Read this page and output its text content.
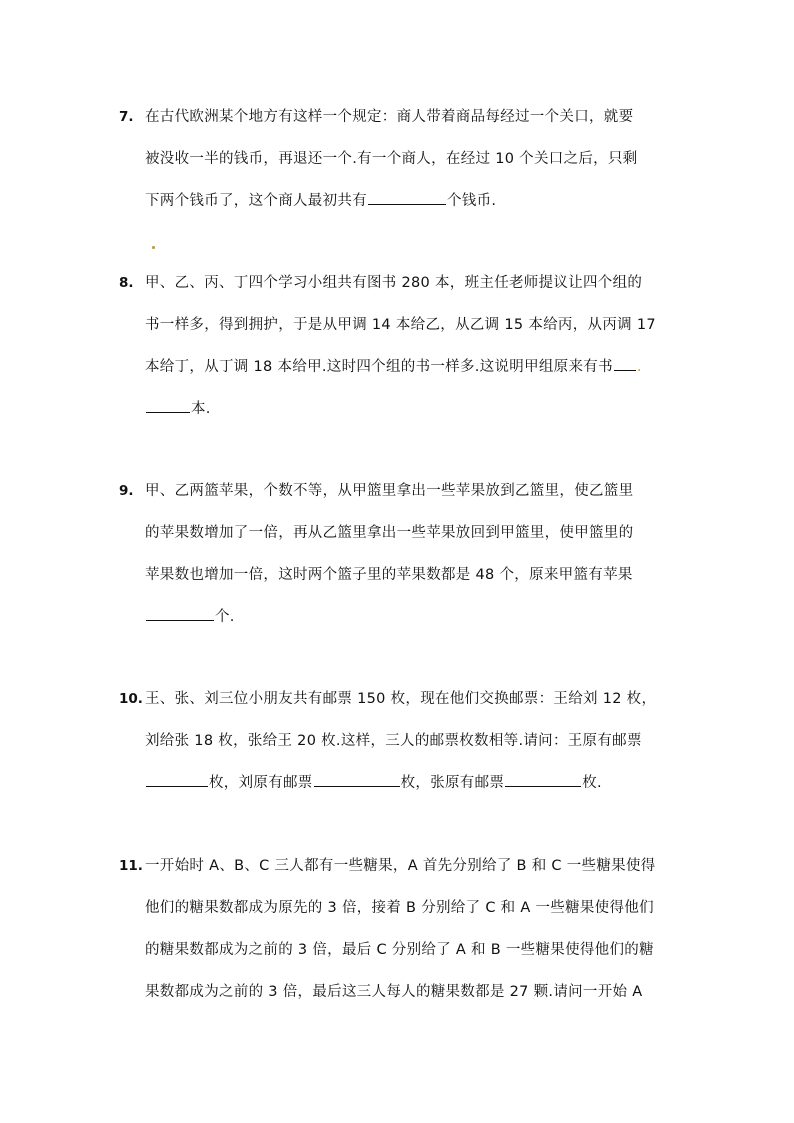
7. 在古代欧洲某个地方有这样一个规定：商人带着商品每经过一个关口，就要
被没收一半的钱币，再退还一个.有一个商人，在经过 10 个关口之后，只剩
下两个钱币了，这个商人最初共有	个钱币.
8. 甲、乙、丙、丁四个学习小组共有图书 280 本，班主任老师提议让四个组的
书一样多，得到拥护，于是从甲调 14 本给乙，从乙调 15 本给丙，从丙调 17
本给丁，从丁调 18 本给甲.这时四个组的书一样多.这说明甲组原来有书 .
本.
9. 甲、乙两篮苹果，个数不等，从甲篮里拿出一些苹果放到乙篮里，使乙篮里
的苹果数增加了一倍，再从乙篮里拿出一些苹果放回到甲篮里，使甲篮里的
苹果数也增加一倍，这时两个篮子里的苹果数都是 48 个，原来甲篮有苹果
个.
10. 王、张、刘三位小朋友共有邮票 150 枚，现在他们交换邮票：王给刘 12 枚，
刘给张 18 枚，张给王 20 枚.这样，三人的邮票枚数相等.请问：王原有邮票
枚，刘原有邮票	枚，张原有邮票	枚.
11. 一开始时 A、B、C 三人都有一些糖果，A 首先分别给了 B 和 C 一些糖果使得
他们的糖果数都成为原先的 3 倍，接着 B 分别给了 C 和 A 一些糖果使得他们
的糖果数都成为之前的 3 倍，最后 C 分别给了 A 和 B 一些糖果使得他们的糖
果数都成为之前的 3 倍，最后这三人每人的糖果数都是 27 颗.请问一开始 A
